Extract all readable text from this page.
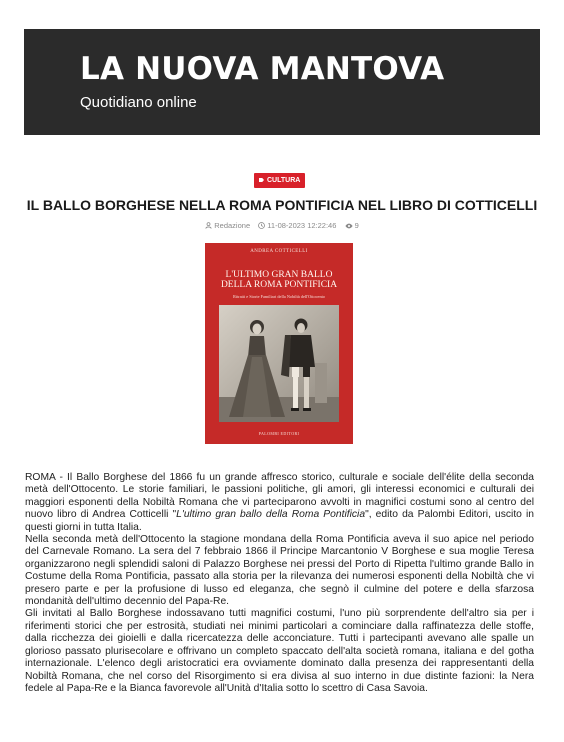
LA NUOVA MANTOVA
Quotidiano online
CULTURA
IL BALLO BORGHESE NELLA ROMA PONTIFICIA NEL LIBRO DI COTTICELLI
Redazione 11-08-2023 12:22:46 9
ANDREA COTTICELLI
L'ULTIMO GRAN BALLO
DELLA ROMA PONTIFICIA
Ritratti e Storie Familiari della Nobiltà dell'Ottocento
PALOMBI EDITORI

ROMA - Il Ballo Borghese del 1866 fu un grande affresco storico, culturale e sociale dell'élite della seconda metà dell'Ottocento. Le storie familiari, le passioni politiche, gli amori, gli interessi economici e culturali dei maggiori esponenti della Nobiltà Romana che vi parteciparono avvolti in magnifici costumi sono al centro del nuovo libro di Andrea Cotticelli "L'ultimo gran ballo della Roma Pontificia", edito da Palombi Editori, uscito in questi giorni in tutta Italia.

Nella seconda metà dell'Ottocento la stagione mondana della Roma Pontificia aveva il suo apice nel periodo del Carnevale Romano. La sera del 7 febbraio 1866 il Principe Marcantonio V Borghese e sua moglie Teresa organizzarono negli splendidi saloni di Palazzo Borghese nei pressi del Porto di Ripetta l'ultimo grande Ballo in Costume della Roma Pontificia, passato alla storia per la rilevanza dei numerosi esponenti della Nobiltà che vi presero parte e per la profusione di lusso ed eleganza, che segnò il culmine del potere e della sfarzosa mondanità dell'ultimo decennio del Papa-Re.

Gli invitati al Ballo Borghese indossavano tutti magnifici costumi, l'uno più sorprendente dell'altro sia per i riferimenti storici che per estrosità, studiati nei minimi particolari a cominciare dalla raffinatezza delle stoffe, dalla ricchezza dei gioielli e dalla ricercatezza delle acconciature. Tutti i partecipanti avevano alle spalle un glorioso passato plurisecolare e offrivano un completo spaccato dell'alta società romana, italiana e del gotha internazionale. L'elenco degli aristocratici era ovviamente dominato dalla presenza dei rappresentanti della Nobiltà Romana, che nel corso del Risorgimento si era divisa al suo interno in due distinte fazioni: la Nera fedele al Papa-Re e la Bianca favorevole all'Unità d'Italia sotto lo scettro di Casa Savoia.
